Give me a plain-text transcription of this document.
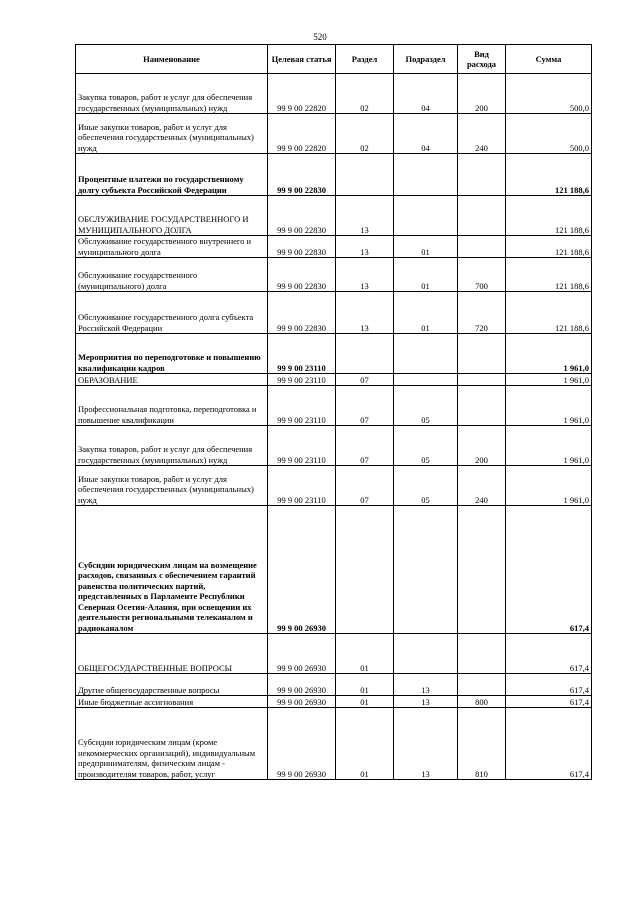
520
Наименование	Целевая статья	Раздел	Подраздел	Вид расхода	Сумма
Закупка товаров, работ и услуг для обеспечения государственных (муниципальных) нужд	99 9 00 22820	02	04	200	500,0
Иные закупки товаров, работ и услуг для обеспечения государственных (муниципальных) нужд	99 9 00 22820	02	04	240	500,0
Процентные платежи по государственному долгу субъекта Российской Федерации	99 9 00 22830				121 188,6
ОБСЛУЖИВАНИЕ ГОСУДАРСТВЕННОГО И МУНИЦИПАЛЬНОГО ДОЛГА	99 9 00 22830	13			121 188,6
Обслуживание государственного внутреннего и муниципального долга	99 9 00 22830	13	01		121 188,6
Обслуживание государственного (муниципального) долга	99 9 00 22830	13	01	700	121 188,6
Обслуживание государственного долга субъекта Российской Федерации	99 9 00 22830	13	01	720	121 188,6
Мероприятия по переподготовке и повышению квалификации кадров	99 9 00 23110				1 961,0
ОБРАЗОВАНИЕ	99 9 00 23110	07			1 961,0
Профессиональная подготовка, переподготовка и повышение квалификации	99 9 00 23110	07	05		1 961,0
Закупка товаров, работ и услуг для обеспечения государственных (муниципальных) нужд	99 9 00 23110	07	05	200	1 961,0
Иные закупки товаров, работ и услуг для обеспечения государственных (муниципальных) нужд	99 9 00 23110	07	05	240	1 961,0
Субсидии юридическим лицам на возмещение расходов, связанных с обеспечением гарантий равенства политических партий, представленных в Парламенте Республики Северная Осетия-Алания, при освещении их деятельности региональными телеканалом и радиоканалом	99 9 00 26930				617,4
ОБЩЕГОСУДАРСТВЕННЫЕ ВОПРОСЫ	99 9 00 26930	01			617,4
Другие общегосударственные вопросы	99 9 00 26930	01	13		617,4
Иные бюджетные ассигнования	99 9 00 26930	01	13	800	617,4
Субсидии юридическим лицам (кроме некоммерческих организаций), индивидуальным предпринимателям, физическим лицам - производителям товаров, работ, услуг	99 9 00 26930	01	13	810	617,4
